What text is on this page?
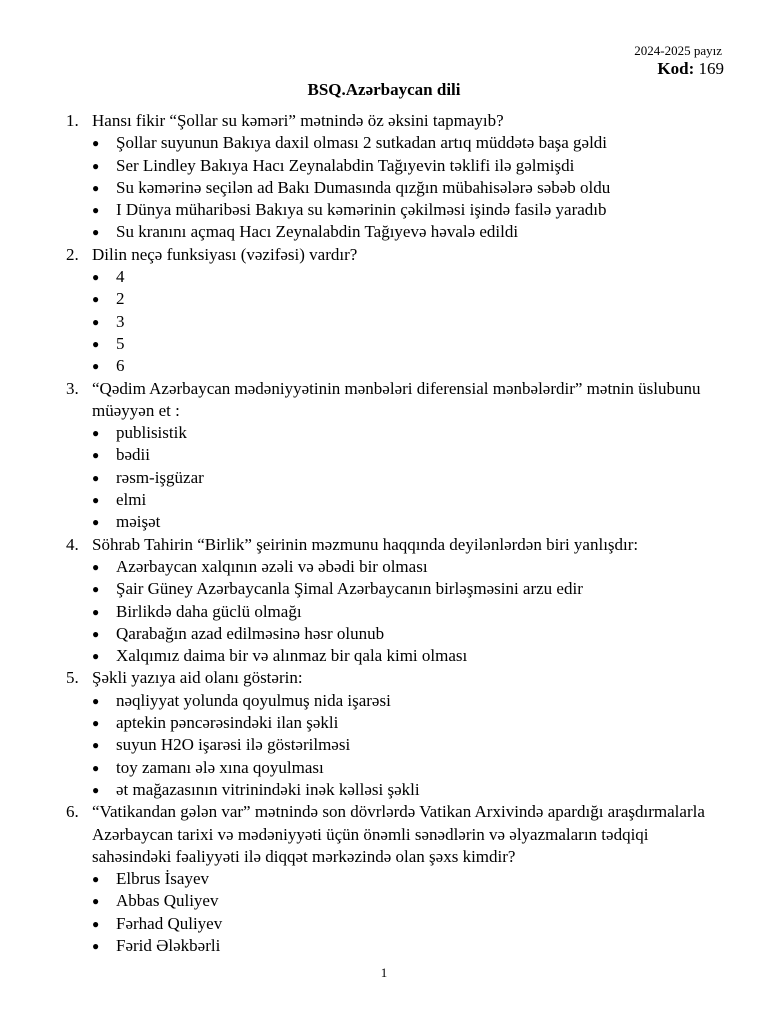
2024-2025 payız
Kod: 169
BSQ.Azərbaycan dili
1. Hansı fikir “Şollar su kəməri” mətnində öz əksini tapmayıb?
● Şollar suyunun Bakıya daxil olması 2 sutkadan artıq müddətə başa gəldi
● Ser Lindley Bakıya Hacı Zeynalabdin Tağıyevin təklifi ilə gəlmişdi
● Su kəmərinə seçilən ad Bakı Dumasında qızğın mübahisələrə səbəb oldu
● I Dünya müharibəsi Bakıya su kəmərinin çəkilməsi işində fasilə yaradıb
● Su kranını açmaq Hacı Zeynalabdin Tağıyevə həvalə edildi
2. Dilin neçə funksiyası (vəzifəsi) vardır?
● 4
● 2
● 3
● 5
● 6
3. “Qədim Azərbaycan mədəniyyətinin mənbələri diferensial mənbələrdir” mətnin üslubunu müəyyən et :
● publisistik
● bədii
● rəsm-işgüzar
● elmi
● məişət
4. Söhrab Tahirin “Birlik” şeirinin məzmunu haqqında deyilənlərdən biri yanlışdır:
● Azərbaycan xalqının əzəli və əbədi bir olması
● Şair Güney Azərbaycanla Şimal Azərbaycanın birləşməsini arzu edir
● Birlikdə daha güclü olmağı
● Qarabağın azad edilməsinə həsr olunub
● Xalqımız daima bir və alınmaz bir qala kimi olması
5. Şəkli yazıya aid olanı göstərin:
● nəqliyyat yolunda qoyulmuş nida işarəsi
● aptekin pəncərəsindəki ilan şəkli
● suyun H2O işarəsi ilə göstərilməsi
● toy zamanı ələ xına qoyulması
● ət mağazasının vitrinindəki inək kəlləsi şəkli
6. “Vatikandan gələn var” mətnində son dövrlərdə Vatikan Arxivində apardığı araşdırmalarla Azərbaycan tarixi və mədəniyyəti üçün önəmli sənədlərin və əlyazmaların tədqiqi sahəsindəki fəaliyyəti ilə diqqət mərkəzində olan şəxs kimdir?
● Elbrus İsayev
● Abbas Quliyev
● Fərhad Quliyev
● Fərid Ələkbərli
1
